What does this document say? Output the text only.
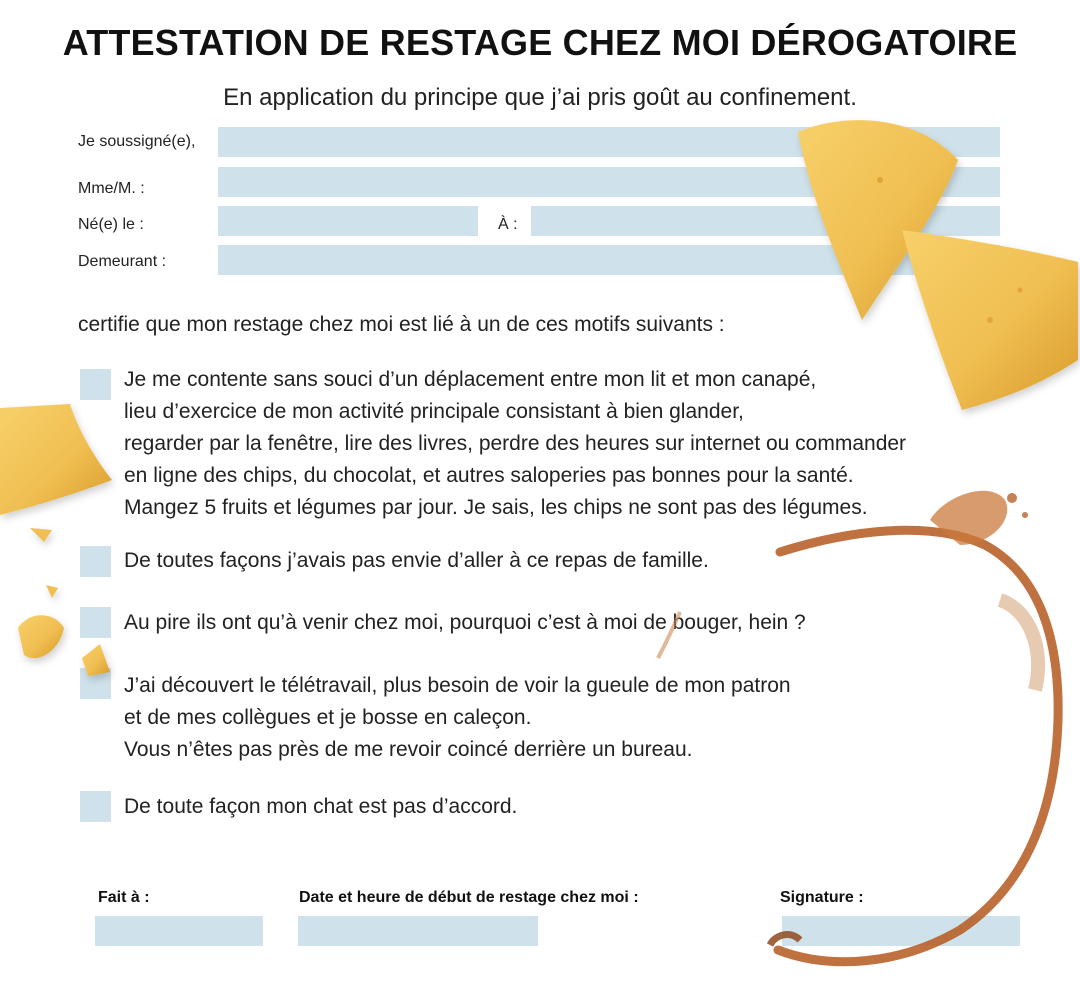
ATTESTATION DE RESTAGE CHEZ MOI DÉROGATOIRE
En application du principe que j’ai pris goût au confinement.
Je soussigné(e),
Mme/M. :
Né(e) le :	À :
Demeurant :
certifie que mon restage chez moi est lié à un de ces motifs suivants :
Je me contente sans souci d’un déplacement entre mon lit et mon canapé,
lieu d’exercice de mon activité principale consistant à bien glander,
regarder par la fenêtre, lire des livres, perdre des heures sur internet ou commander
en ligne des chips, du chocolat, et autres saloperies pas bonnes pour la santé.
Mangez 5 fruits et légumes par jour. Je sais, les chips ne sont pas des légumes.
De toutes façons j’avais pas envie d’aller à ce repas de famille.
Au pire ils ont qu’à venir chez moi, pourquoi c’est à moi de bouger, hein ?
J’ai découvert le télétravail, plus besoin de voir la gueule de mon patron
et de mes collègues et je bosse en caleçon.
Vous n’êtes pas près de me revoir coincé derrière un bureau.
De toute façon mon chat est pas d’accord.
Fait à :	Date et heure de début de restage chez moi :	Signature :
